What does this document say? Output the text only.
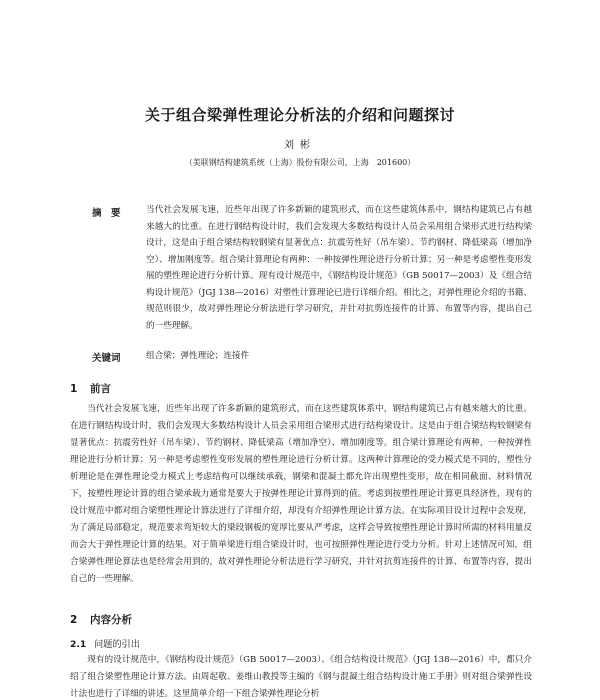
关于组合梁弹性理论分析法的介绍和问题探讨
刘彬
（美联钢结构建筑系统（上海）股份有限公司，上海　201600）
摘　要	当代社会发展飞速，近些年出现了许多新颖的建筑形式，而在这些建筑体系中，钢结构建筑已占有越来越大的比重。在进行钢结构设计时，我们会发现大多数结构设计人员会采用组合梁形式进行结构梁设计，这是由于组合梁结构较钢梁有显著优点：抗震劳性好（吊车梁）、节约钢材、降低梁高（增加净空）、增加刚度等。组合梁计算理论有两种：一种按弹性理论进行分析计算；另一种是考虑塑性变形发展的塑性理论进行分析计算。现有设计规范中，《钢结构设计规范》（GB 50017—2003）及《组合结构设计规范》（JGJ 138—2016）对塑性计算理论已进行详细介绍。相比之，对弹性理论介绍的书籍、规范则很少，故对弹性理论分析法进行学习研究，并针对抗剪连接件的计算、布置等内容，提出自己的一些理解。
关键词	组合梁；弹性理论；连接件
1 前言
当代社会发展飞速，近些年出现了许多新颖的建筑形式，而在这些建筑体系中，钢结构建筑已占有越来越大的比重。在进行钢结构设计时，我们会发现大多数结构设计人员会采用组合梁形式进行结构梁设计。这是由于组合梁结构较钢梁有显著优点：抗震劳性好（吊车梁）、节约钢材、降低梁高（增加净空）、增加刚度等。组合梁计算理论有两种，一种按弹性理论进行分析计算；另一种是考虑塑性变形发展的塑性理论进行分析计算。这两种计算理论的受力模式是不同的，塑性分析理论是在弹性理论受力模式上考虑结构可以继续承载，钢梁和混凝土都允许出现塑性变形，故在相同截面、材料情况下，按塑性理论计算的组合梁承载力通常是要大于按弹性理论计算得到的值。考虑到按塑性理论计算更具经济性，现有的设计规范中都对组合梁塑性理论计算法进行了详细介绍，却没有介绍弹性理论计算方法。在实际项目设计过程中会发现，为了满足局部稳定，规范要求弯矩较大的梁段钢板的宽厚比要从严考虑，这样会导致按塑性理论计算时所需的材料用量反而会大于弹性理论计算的结果。对于简单梁进行组合梁设计时，也可按照弹性理论进行受力分析。针对上述情况可知，组合梁弹性理论算法也是经常会用到的，故对弹性理论分析法进行学习研究，并针对抗剪连接件的计算、布置等内容，提出自己的一些理解。
2 内容分析
2.1 问题的引出
现有的设计规范中，《钢结构设计规范》（GB 50017—2003）、《组合结构设计规范》（JGJ 138—2016）中，都只介绍了组合梁塑性理论计算方法。由周起敬、姜维山教授等主编的《钢与混凝土组合结构设计施工手册》则对组合梁弹性设计法也进行了详细的讲述。这里简单介绍一下组合梁弹性理论分析
